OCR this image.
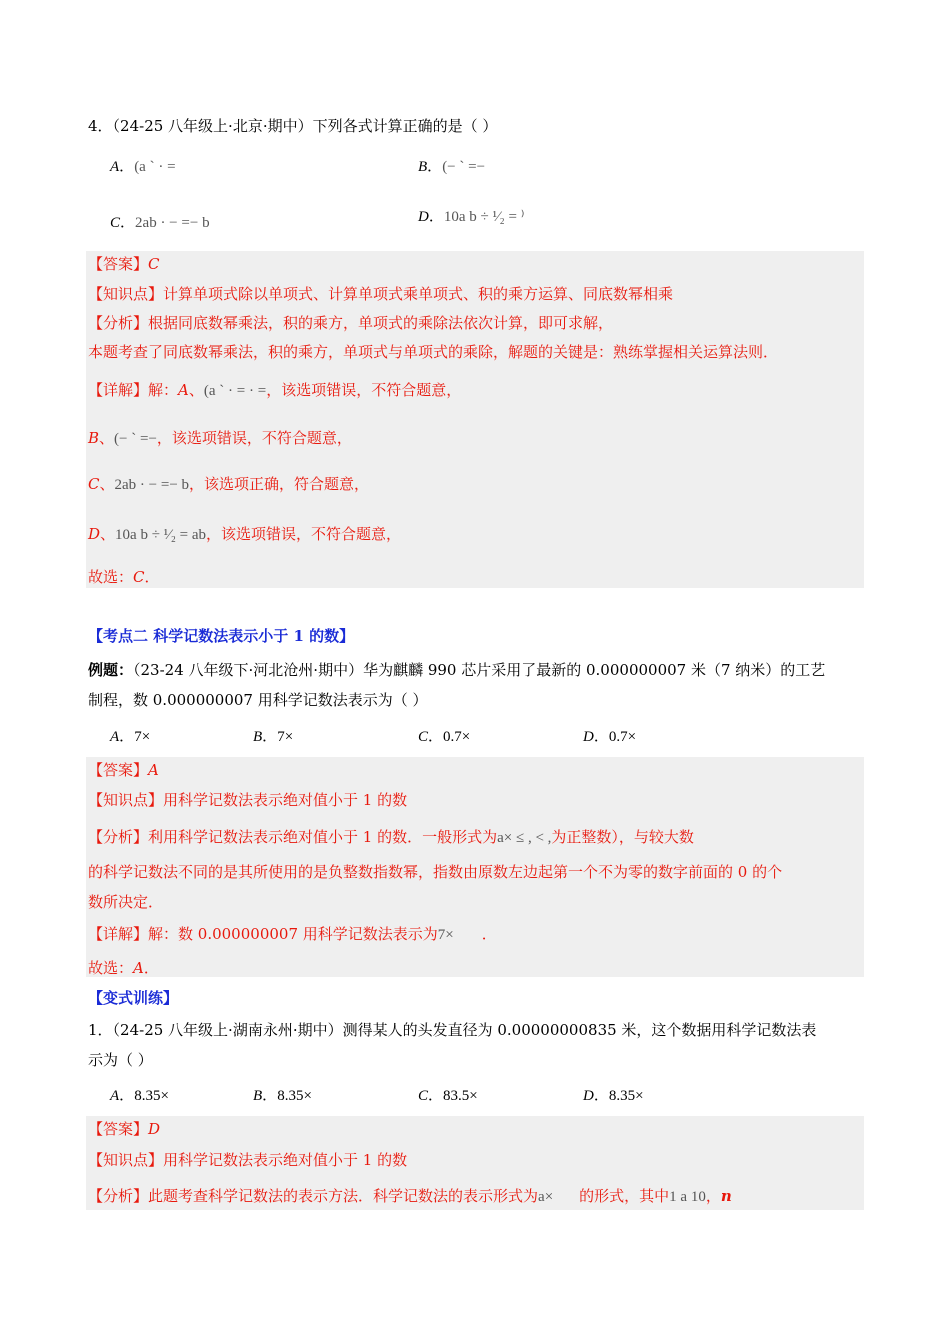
4．（24-25 八年级上·北京·期中）下列各式计算正确的是（ ）
A．(a ˋ · =	B．(− ˋ =−
C．2ab · − =− b	D．10a b ÷ ¹⁄₂ = ⁾
【答案】C
【知识点】计算单项式除以单项式、计算单项式乘单项式、积的乘方运算、同底数幂相乘
【分析】根据同底数幂乘法，积的乘方，单项式的乘除法依次计算，即可求解，
本题考查了同底数幂乘法，积的乘方，单项式与单项式的乘除，解题的关键是：熟练掌握相关运算法则．
【详解】解：A、(a ˋ · = · =，该选项错误，不符合题意，
B、(− ˋ =−，该选项错误，不符合题意，
C、2ab · − =− b，该选项正确，符合题意，
D、10a b ÷ ¹⁄₂ = ab，该选项错误，不符合题意，
故选：C．
【考点二 科学记数法表示小于 1 的数】
例题：（23-24 八年级下·河北沧州·期中）华为麒麟 990 芯片采用了最新的 0.000000007 米（7 纳米）的工艺
制程，数 0.000000007 用科学记数法表示为（ ）
A．7×	B．7×	C．0.7×	D．0.7×
【答案】A
【知识点】用科学记数法表示绝对值小于 1 的数
【分析】利用科学记数法表示绝对值小于 1 的数．一般形式为a× ≤ , < ,为正整数），与较大数
的科学记数法不同的是其所使用的是负整数指数幂，指数由原数左边起第一个不为零的数字前面的 0 的个
数所决定．
【详解】解：数 0.000000007 用科学记数法表示为7× ．
故选：A．
【变式训练】
1．（24-25 八年级上·湖南永州·期中）测得某人的头发直径为 0.00000000835 米，这个数据用科学记数法表
示为（ ）
A．8.35×	B．8.35×	C．83.5×	D．8.35×
【答案】D
【知识点】用科学记数法表示绝对值小于 1 的数
【分析】此题考查科学记数法的表示方法．科学记数法的表示形式为a× 的形式，其中1 a 10，n
